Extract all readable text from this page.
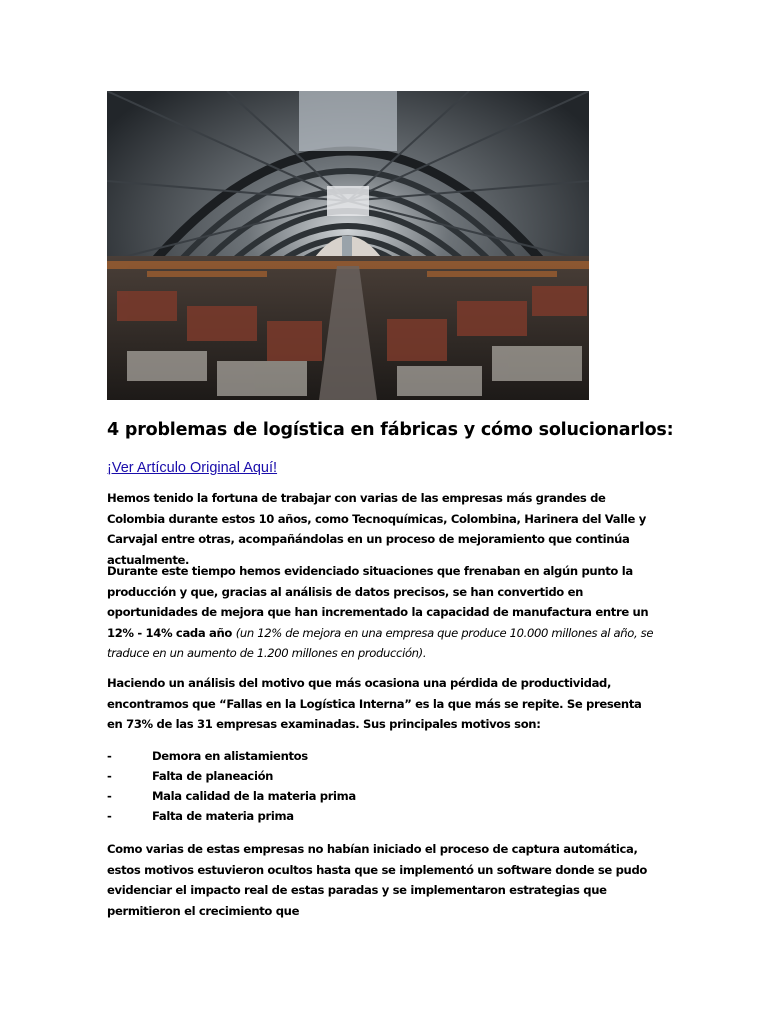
4 problemas de logística en fábricas y cómo solucionarlos:
¡Ver Artículo Original Aquí!

Hemos tenido la fortuna de trabajar con varias de las empresas más grandes de Colombia durante estos 10 años, como Tecnoquímicas, Colombina, Harinera del Valle y Carvajal entre otras, acompañándolas en un proceso de mejoramiento que continúa actualmente.

Durante este tiempo hemos evidenciado situaciones que frenaban en algún punto la producción y que, gracias al análisis de datos precisos, se han convertido en oportunidades de mejora que han incrementado la capacidad de manufactura entre un 12% - 14% cada año (un 12% de mejora en una empresa que produce 10.000 millones al año, se traduce en un aumento de 1.200 millones en producción).

Haciendo un análisis del motivo que más ocasiona una pérdida de productividad, encontramos que “Fallas en la Logística Interna” es la que más se repite. Se presenta en 73% de las 31 empresas examinadas. Sus principales motivos son:

-	Demora en alistamientos
-	Falta de planeación
-	Mala calidad de la materia prima
-	Falta de materia prima

Como varias de estas empresas no habían iniciado el proceso de captura automática, estos motivos estuvieron ocultos hasta que se implementó un software donde se pudo evidenciar el impacto real de estas paradas y se implementaron estrategias que permitieron el crecimiento que
